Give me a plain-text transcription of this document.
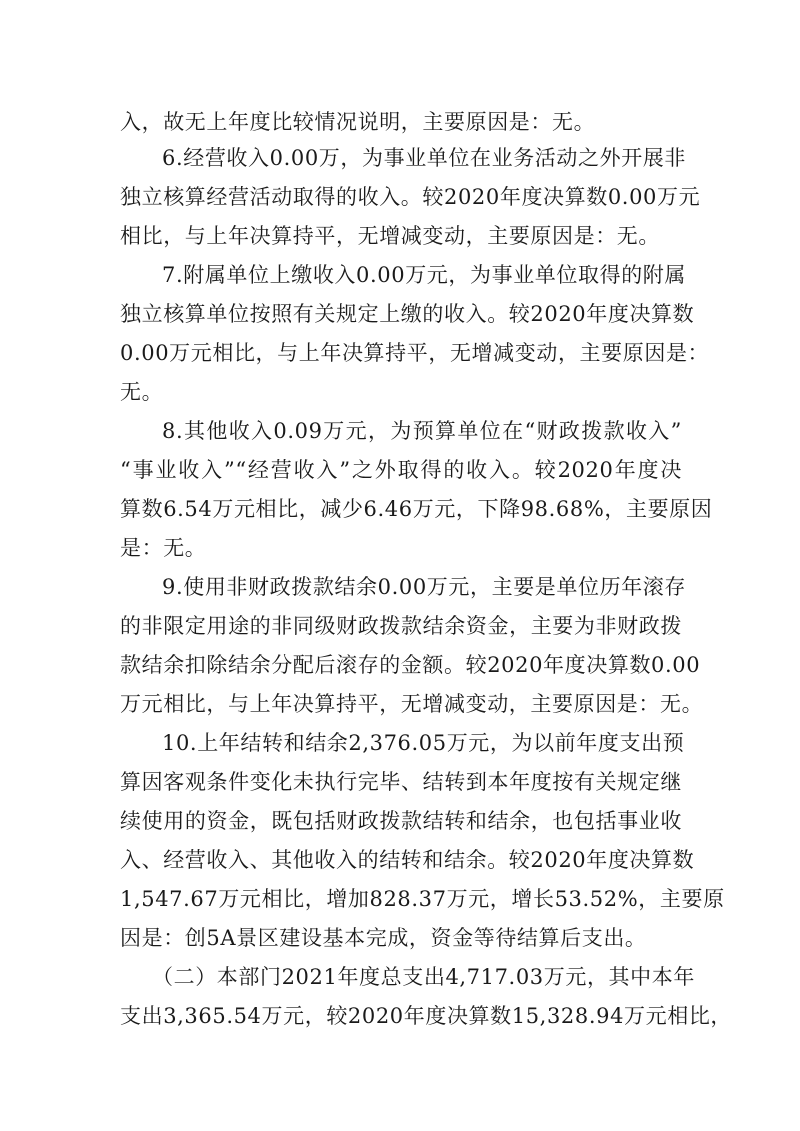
入，故无上年度比较情况说明，主要原因是：无。
6.经营收入0.00万，为事业单位在业务活动之外开展非
独立核算经营活动取得的收入。较2020年度决算数0.00万元
相比，与上年决算持平，无增减变动，主要原因是：无。
7.附属单位上缴收入0.00万元，为事业单位取得的附属
独立核算单位按照有关规定上缴的收入。较2020年度决算数
0.00万元相比，与上年决算持平，无增减变动，主要原因是：
无。
8.其他收入0.09万元，为预算单位在“财政拨款收入”
“事业收入”“经营收入”之外取得的收入。较2020年度决
算数6.54万元相比，减少6.46万元，下降98.68%，主要原因
是：无。
9.使用非财政拨款结余0.00万元，主要是单位历年滚存
的非限定用途的非同级财政拨款结余资金，主要为非财政拨
款结余扣除结余分配后滚存的金额。较2020年度决算数0.00
万元相比，与上年决算持平，无增减变动，主要原因是：无。
10.上年结转和结余2,376.05万元，为以前年度支出预
算因客观条件变化未执行完毕、结转到本年度按有关规定继
续使用的资金，既包括财政拨款结转和结余，也包括事业收
入、经营收入、其他收入的结转和结余。较2020年度决算数
1,547.67万元相比，增加828.37万元，增长53.52%，主要原
因是：创5A景区建设基本完成，资金等待结算后支出。
（二）本部门2021年度总支出4,717.03万元，其中本年
支出3,365.54万元，较2020年度决算数15,328.94万元相比，
